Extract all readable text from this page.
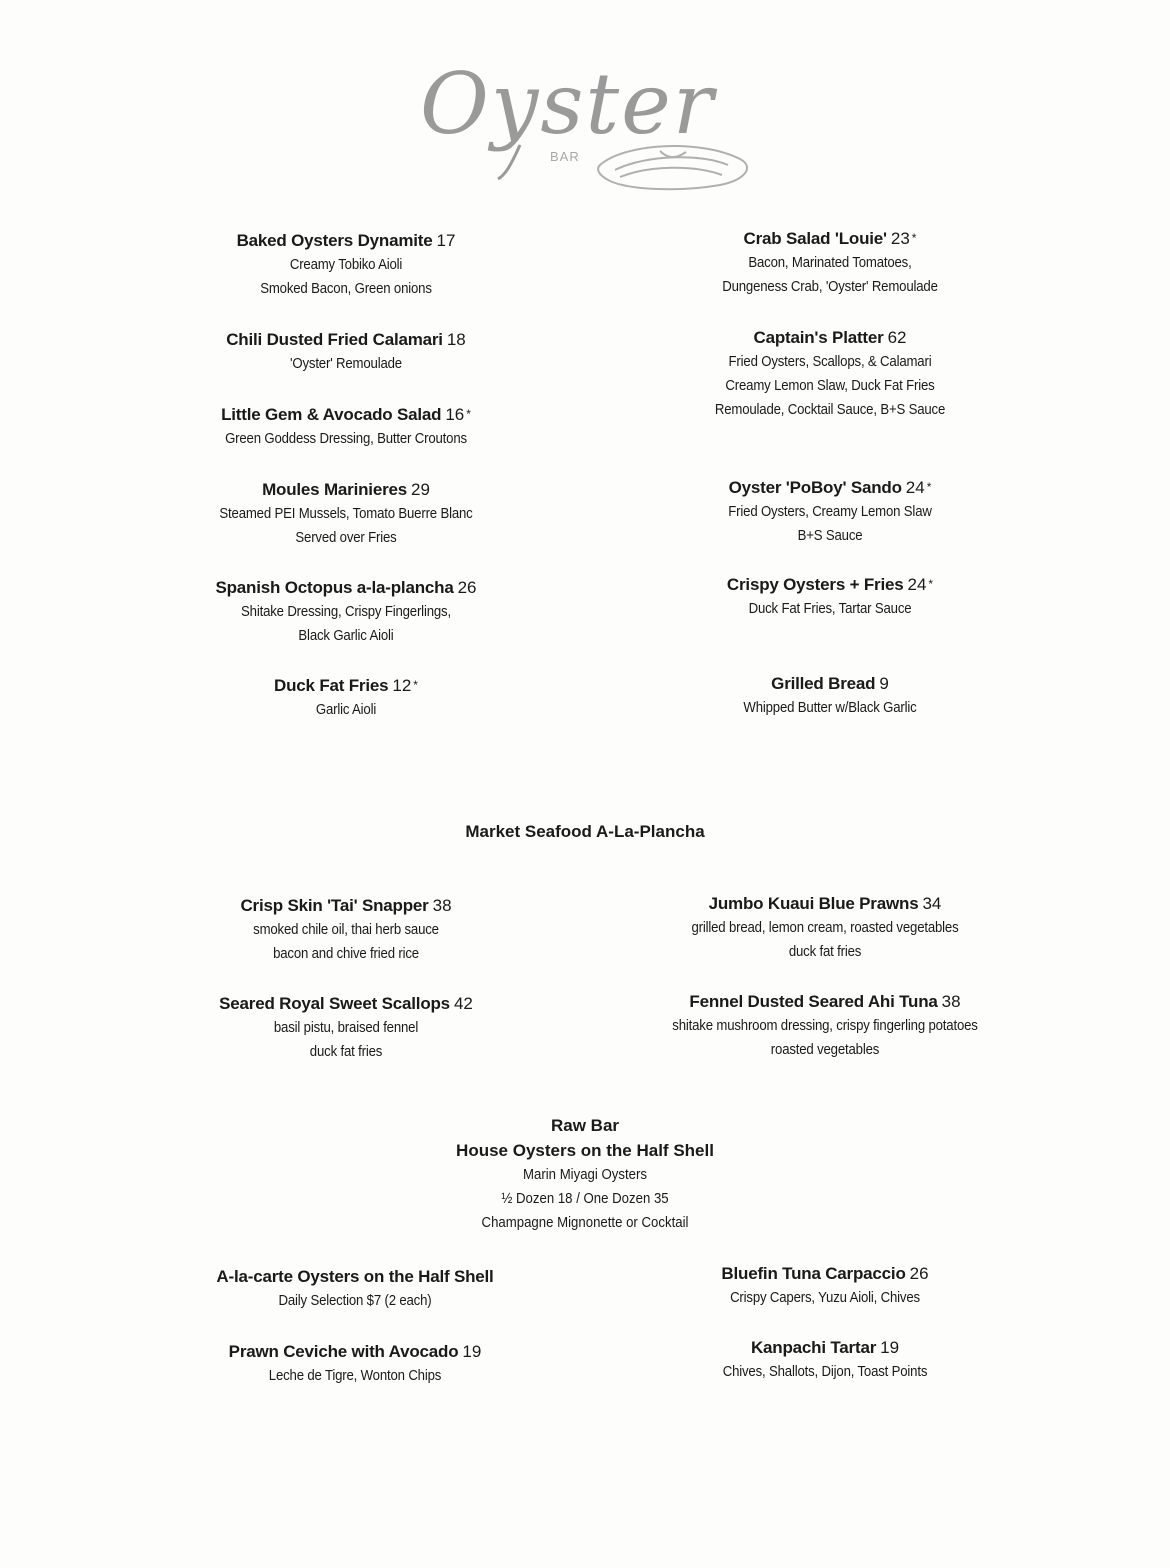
Oyster
BAR
Baked Oysters Dynamite 17
Creamy Tobiko Aioli
Smoked Bacon, Green onions
Chili Dusted Fried Calamari 18
'Oyster' Remoulade
Little Gem & Avocado Salad 16 *
Green Goddess Dressing, Butter Croutons
Moules Marinieres 29
Steamed PEI Mussels, Tomato Buerre Blanc
Served over Fries
Spanish Octopus a-la-plancha 26
Shitake Dressing, Crispy Fingerlings,
Black Garlic Aioli
Duck Fat Fries 12 *
Garlic Aioli
Crab Salad 'Louie' 23 *
Bacon, Marinated Tomatoes,
Dungeness Crab, 'Oyster' Remoulade
Captain's Platter 62
Fried Oysters, Scallops, & Calamari
Creamy Lemon Slaw, Duck Fat Fries
Remoulade, Cocktail Sauce, B+S Sauce
Oyster 'PoBoy' Sando 24 *
Fried Oysters, Creamy Lemon Slaw
B+S Sauce
Crispy Oysters + Fries 24 *
Duck Fat Fries, Tartar Sauce
Grilled Bread 9
Whipped Butter w/Black Garlic
Market Seafood A-La-Plancha
Crisp Skin 'Tai' Snapper 38
smoked chile oil, thai herb sauce
bacon and chive fried rice
Seared Royal Sweet Scallops 42
basil pistu, braised fennel
duck fat fries
Jumbo Kuaui Blue Prawns 34
grilled bread, lemon cream, roasted vegetables
duck fat fries
Fennel Dusted Seared Ahi Tuna 38
shitake mushroom dressing, crispy fingerling potatoes
roasted vegetables
Raw Bar
House Oysters on the Half Shell
Marin Miyagi Oysters
½ Dozen 18 / One Dozen 35
Champagne Mignonette or Cocktail
A-la-carte Oysters on the Half Shell
Daily Selection $7 (2 each)
Prawn Ceviche with Avocado 19
Leche de Tigre, Wonton Chips
Bluefin Tuna Carpaccio 26
Crispy Capers, Yuzu Aioli, Chives
Kanpachi Tartar 19
Chives, Shallots, Dijon, Toast Points
